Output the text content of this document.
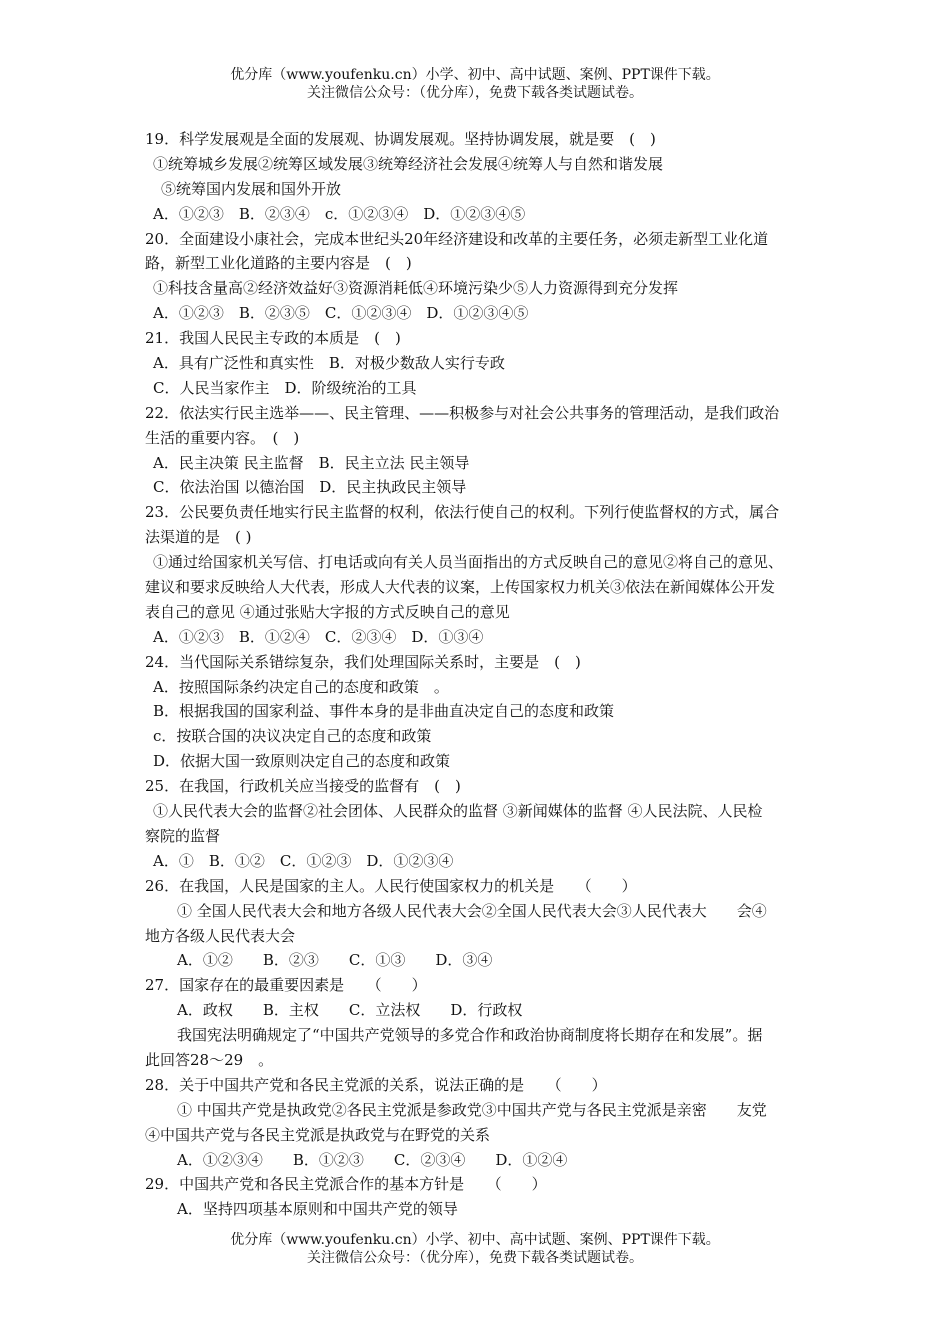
优分库（www.youfenku.cn）小学、初中、高中试题、案例、PPT课件下载。
关注微信公众号：（优分库），免费下载各类试题试卷。
19．科学发展观是全面的发展观、协调发展观。坚持协调发展，就是要　(　)
①统筹城乡发展②统筹区域发展③统筹经济社会发展④统筹人与自然和谐发展
⑤统筹国内发展和国外开放
A．①②③　B．②③④　c．①②③④　D．①②③④⑤
20．全面建设小康社会，完成本世纪头20年经济建设和改革的主要任务，必须走新型工业化道
路，新型工业化道路的主要内容是　(　)
①科技含量高②经济效益好③资源消耗低④环境污染少⑤人力资源得到充分发挥
A．①②③　B．②③⑤　C．①②③④　D．①②③④⑤
21．我国人民民主专政的本质是　(　)
A．具有广泛性和真实性　B．对极少数敌人实行专政
C．人民当家作主　D．阶级统治的工具
22．依法实行民主选举——、民主管理、——积极参与对社会公共事务的管理活动，是我们政治
生活的重要内容。　(　)
A．民主决策 民主监督　B．民主立法 民主领导
C．依法治国 以德治国　D．民主执政民主领导
23．公民要负责任地实行民主监督的权利，依法行使自己的权利。下列行使监督权的方式，属合
法渠道的是　( )
①通过给国家机关写信、打电话或向有关人员当面指出的方式反映自己的意见②将自己的意见、
建议和要求反映给人大代表，形成人大代表的议案，上传国家权力机关③依法在新闻媒体公开发
表自己的意见 ④通过张贴大字报的方式反映自己的意见
A．①②③　B．①②④　C．②③④　D．①③④
24．当代国际关系错综复杂，我们处理国际关系时，主要是　(　)
A．按照国际条约决定自己的态度和政策　。
B．根据我国的国家利益、事件本身的是非曲直决定自己的态度和政策
c．按联合国的决议决定自己的态度和政策
D．依据大国一致原则决定自己的态度和政策
25．在我国，行政机关应当接受的监督有　(　)
①人民代表大会的监督②社会团体、人民群众的监督 ③新闻媒体的监督 ④人民法院、人民检
察院的监督
A．①　B．①②　C．①②③　D．①②③④
26．在我国，人民是国家的主人。人民行使国家权力的机关是　　（　　）
① 全国人民代表大会和地方各级人民代表大会②全国人民代表大会③人民代表大　　会④
地方各级人民代表大会
A．①②　　B．②③　　C．①③　　D．③④
27．国家存在的最重要因素是　　（　　）
A．政权　　B．主权　　C．立法权　　D．行政权
我国宪法明确规定了“中国共产党领导的多党合作和政治协商制度将长期存在和发展”。据
此回答28～29　。
28．关于中国共产党和各民主党派的关系，说法正确的是　　（　　）
① 中国共产党是执政党②各民主党派是参政党③中国共产党与各民主党派是亲密　　友党
④中国共产党与各民主党派是执政党与在野党的关系
A．①②③④　　B．①②③　　C．②③④　　D．①②④
29．中国共产党和各民主党派合作的基本方针是　　（　　）
A．坚持四项基本原则和中国共产党的领导
优分库（www.youfenku.cn）小学、初中、高中试题、案例、PPT课件下载。
关注微信公众号：（优分库），免费下载各类试题试卷。
